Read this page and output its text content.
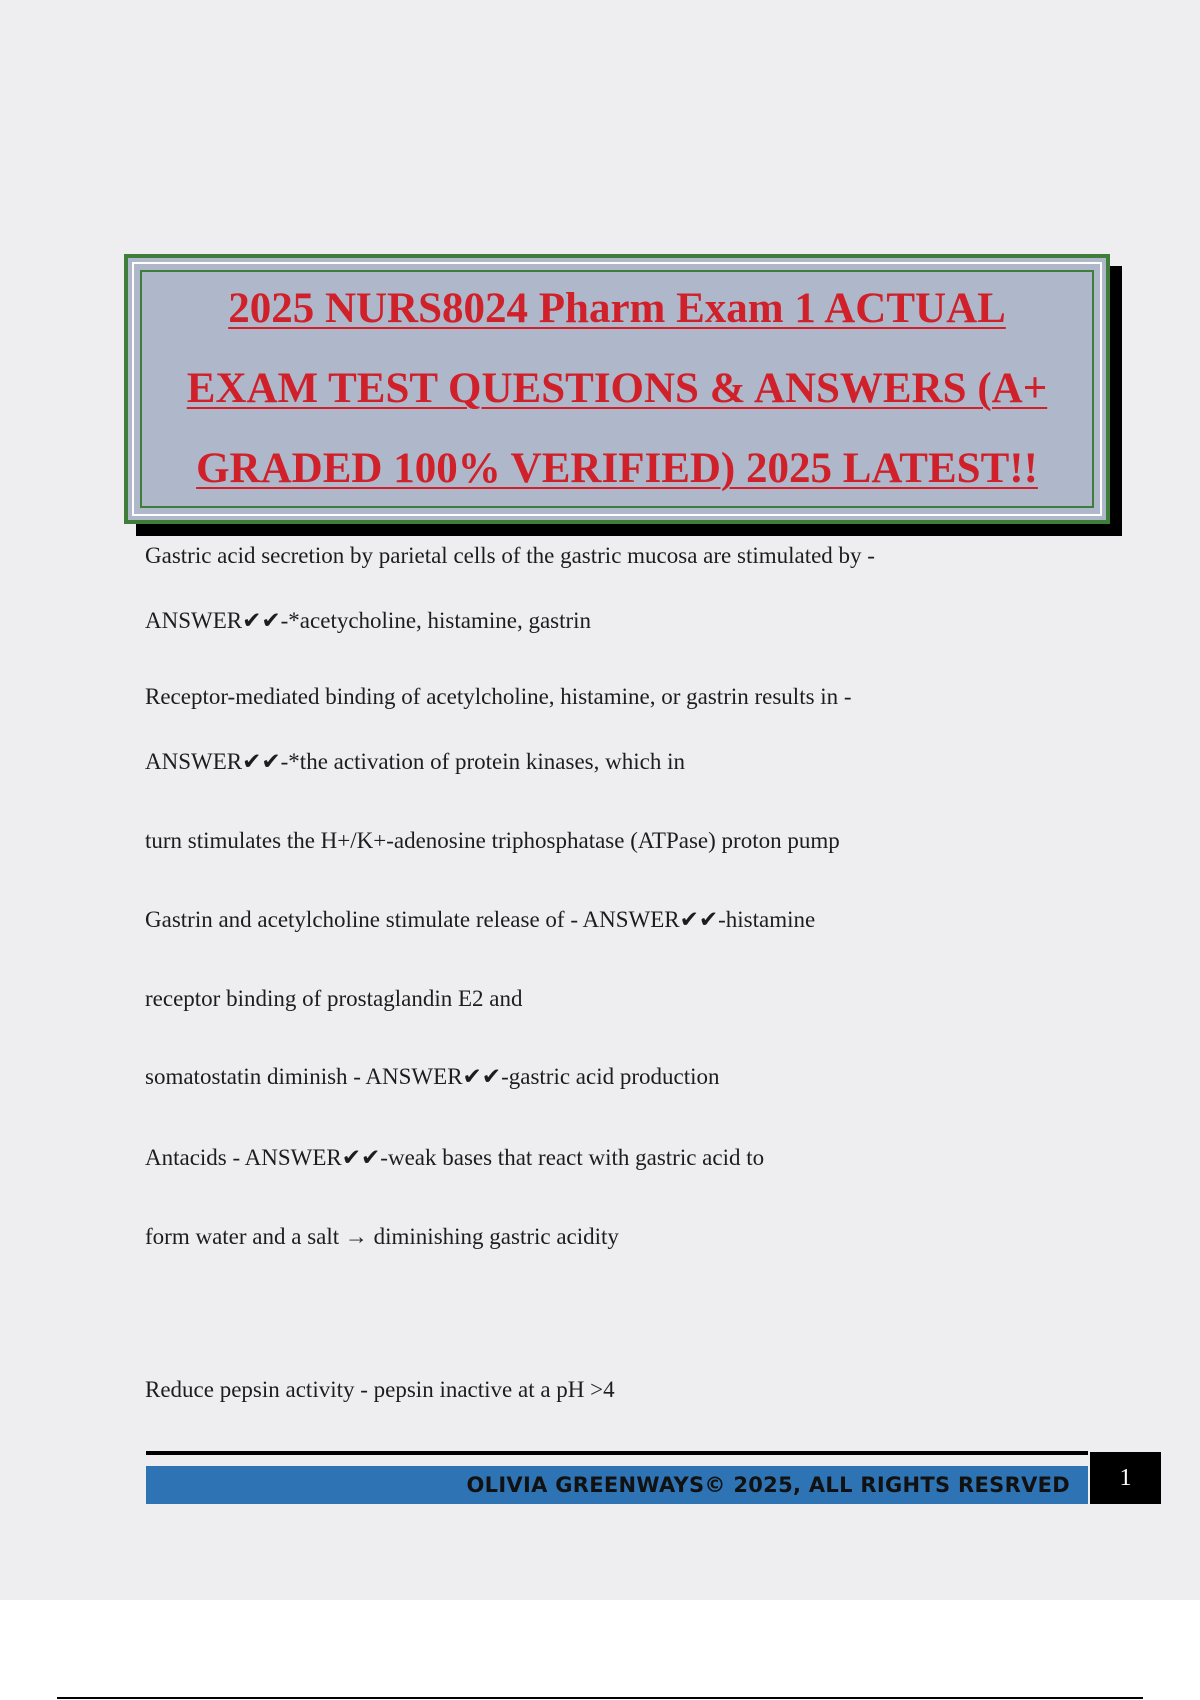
2025 NURS8024 Pharm Exam 1 ACTUAL
EXAM TEST QUESTIONS & ANSWERS (A+
GRADED 100% VERIFIED) 2025 LATEST!!
Gastric acid secretion by parietal cells of the gastric mucosa are stimulated by -
ANSWER✔✔-*acetycholine, histamine, gastrin
Receptor-mediated binding of acetylcholine, histamine, or gastrin results in -
ANSWER✔✔-*the activation of protein kinases, which in
turn stimulates the H+/K+-adenosine triphosphatase (ATPase) proton pump
Gastrin and acetylcholine stimulate release of - ANSWER✔✔-histamine
receptor binding of prostaglandin E2 and
somatostatin diminish - ANSWER✔✔-gastric acid production
Antacids - ANSWER✔✔-weak bases that react with gastric acid to
form water and a salt → diminishing gastric acidity
Reduce pepsin activity - pepsin inactive at a pH >4
OLIVIA GREENWAYS© 2025, ALL RIGHTS RESRVED 1
